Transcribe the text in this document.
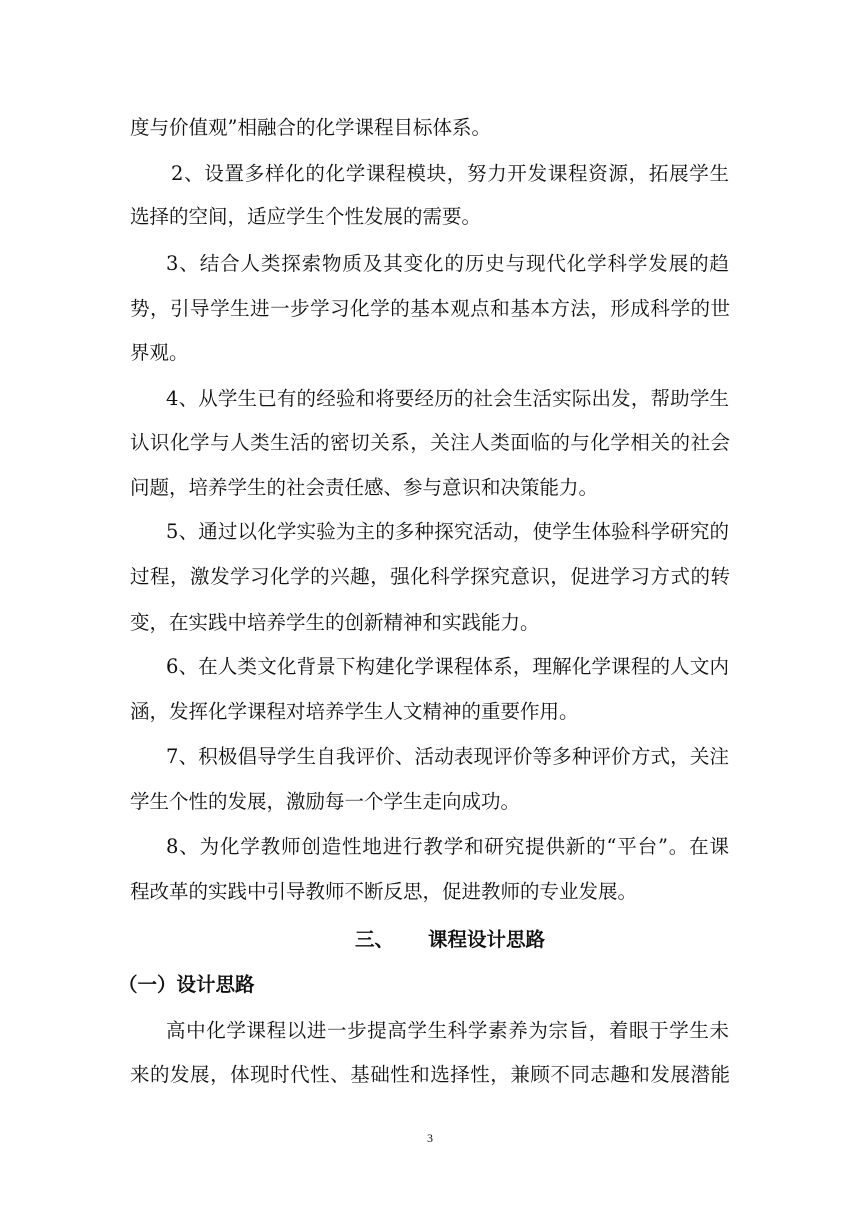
度与价值观”相融合的化学课程目标体系。
2、设置多样化的化学课程模块，努力开发课程资源，拓展学生
选择的空间，适应学生个性发展的需要。
3、结合人类探索物质及其变化的历史与现代化学科学发展的趋
势，引导学生进一步学习化学的基本观点和基本方法，形成科学的世
界观。
4、从学生已有的经验和将要经历的社会生活实际出发，帮助学生
认识化学与人类生活的密切关系，关注人类面临的与化学相关的社会
问题，培养学生的社会责任感、参与意识和决策能力。
5、通过以化学实验为主的多种探究活动，使学生体验科学研究的
过程，激发学习化学的兴趣，强化科学探究意识，促进学习方式的转
变，在实践中培养学生的创新精神和实践能力。
6、在人类文化背景下构建化学课程体系，理解化学课程的人文内
涵，发挥化学课程对培养学生人文精神的重要作用。
7、积极倡导学生自我评价、活动表现评价等多种评价方式，关注
学生个性的发展，激励每一个学生走向成功。
8、为化学教师创造性地进行教学和研究提供新的“平台”。在课
程改革的实践中引导教师不断反思，促进教师的专业发展。
三、 课程设计思路
（一）设计思路
高中化学课程以进一步提高学生科学素养为宗旨，着眼于学生未
来的发展，体现时代性、基础性和选择性，兼顾不同志趣和发展潜能
3
